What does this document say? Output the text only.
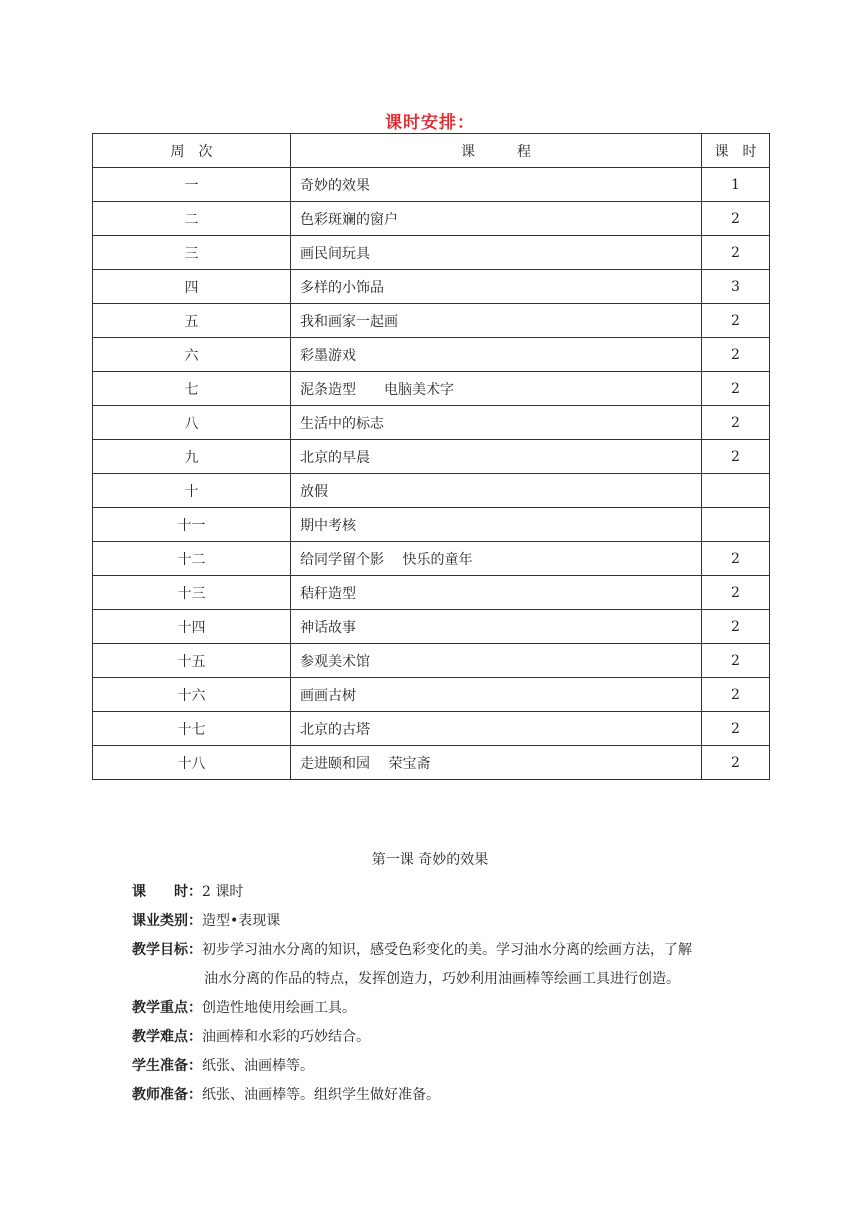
课时安排：
周　次	课　　　程	课　时
一	奇妙的效果	1
二	色彩斑斓的窗户	2
三	画民间玩具	2
四	多样的小饰品	3
五	我和画家一起画	2
六	彩墨游戏	2
七	泥条造型　　电脑美术字	2
八	生活中的标志	2
九	北京的早晨	2
十	放假	
十一	期中考核	
十二	给同学留个影　 快乐的童年	2
十三	秸秆造型	2
十四	神话故事	2
十五	参观美术馆	2
十六	画画古树	2
十七	北京的古塔	2
十八	走进颐和园　 荣宝斋	2
第一课 奇妙的效果
课　　时： 2 课时
课业类别： 造型•表现课
教学目标： 初步学习油水分离的知识，感受色彩变化的美。学习油水分离的绘画方法，了解
油水分离的作品的特点，发挥创造力，巧妙利用油画棒等绘画工具进行创造。
教学重点： 创造性地使用绘画工具。
教学难点： 油画棒和水彩的巧妙结合。
学生准备： 纸张、油画棒等。
教师准备： 纸张、油画棒等。组织学生做好准备。
